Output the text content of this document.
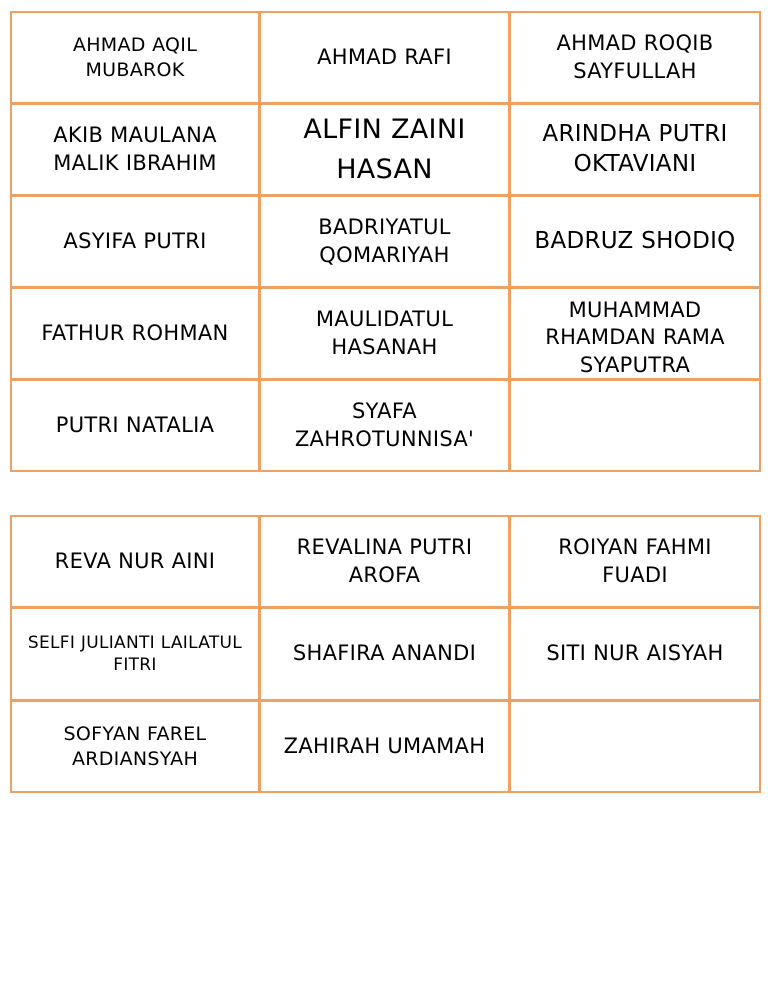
AHMAD AQIL MUBAROK
AHMAD RAFI
AHMAD ROQIB SAYFULLAH
AKIB MAULANA MALIK IBRAHIM
ALFIN ZAINI HASAN
ARINDHA PUTRI OKTAVIANI
ASYIFA PUTRI
BADRIYATUL QOMARIYAH
BADRUZ SHODIQ
FATHUR ROHMAN
MAULIDATUL HASANAH
MUHAMMAD RHAMDAN RAMA SYAPUTRA
PUTRI NATALIA
SYAFA ZAHROTUNNISA'
REVA NUR AINI
REVALINA PUTRI AROFA
ROIYAN FAHMI FUADI
SELFI JULIANTI LAILATUL FITRI	SHAFIRA ANANDI	SITI NUR AISYAH
SOFYAN FAREL ARDIANSYAH
ZAHIRAH UMAMAH
